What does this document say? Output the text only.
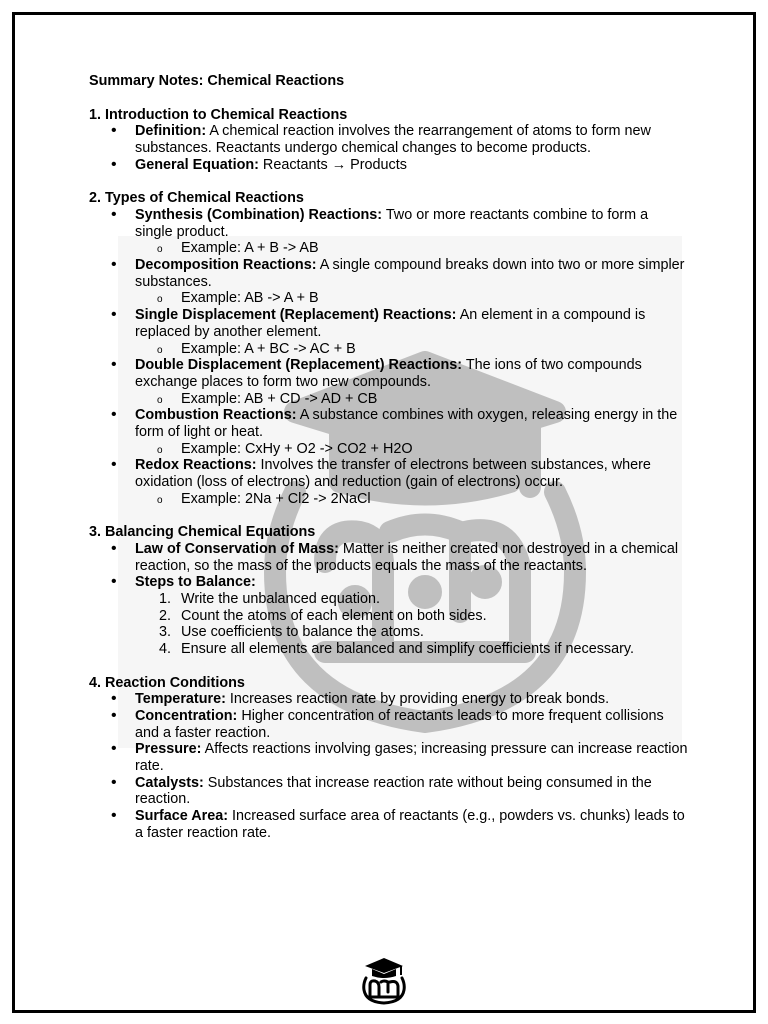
Summary Notes: Chemical Reactions
1. Introduction to Chemical Reactions
• Definition: A chemical reaction involves the rearrangement of atoms to form new substances. Reactants undergo chemical changes to become products.
• General Equation: Reactants → Products
2. Types of Chemical Reactions
• Synthesis (Combination) Reactions: Two or more reactants combine to form a single product.
o Example: A + B -> AB
• Decomposition Reactions: A single compound breaks down into two or more simpler substances.
o Example: AB -> A + B
• Single Displacement (Replacement) Reactions: An element in a compound is replaced by another element.
o Example: A + BC -> AC + B
• Double Displacement (Replacement) Reactions: The ions of two compounds exchange places to form two new compounds.
o Example: AB + CD -> AD + CB
• Combustion Reactions: A substance combines with oxygen, releasing energy in the form of light or heat.
o Example: CxHy + O2 -> CO2 + H2O
• Redox Reactions: Involves the transfer of electrons between substances, where oxidation (loss of electrons) and reduction (gain of electrons) occur.
o Example: 2Na + Cl2 -> 2NaCl
3. Balancing Chemical Equations
• Law of Conservation of Mass: Matter is neither created nor destroyed in a chemical reaction, so the mass of the products equals the mass of the reactants.
• Steps to Balance:
1. Write the unbalanced equation.
2. Count the atoms of each element on both sides.
3. Use coefficients to balance the atoms.
4. Ensure all elements are balanced and simplify coefficients if necessary.
4. Reaction Conditions
• Temperature: Increases reaction rate by providing energy to break bonds.
• Concentration: Higher concentration of reactants leads to more frequent collisions and a faster reaction.
• Pressure: Affects reactions involving gases; increasing pressure can increase reaction rate.
• Catalysts: Substances that increase reaction rate without being consumed in the reaction.
• Surface Area: Increased surface area of reactants (e.g., powders vs. chunks) leads to a faster reaction rate.
